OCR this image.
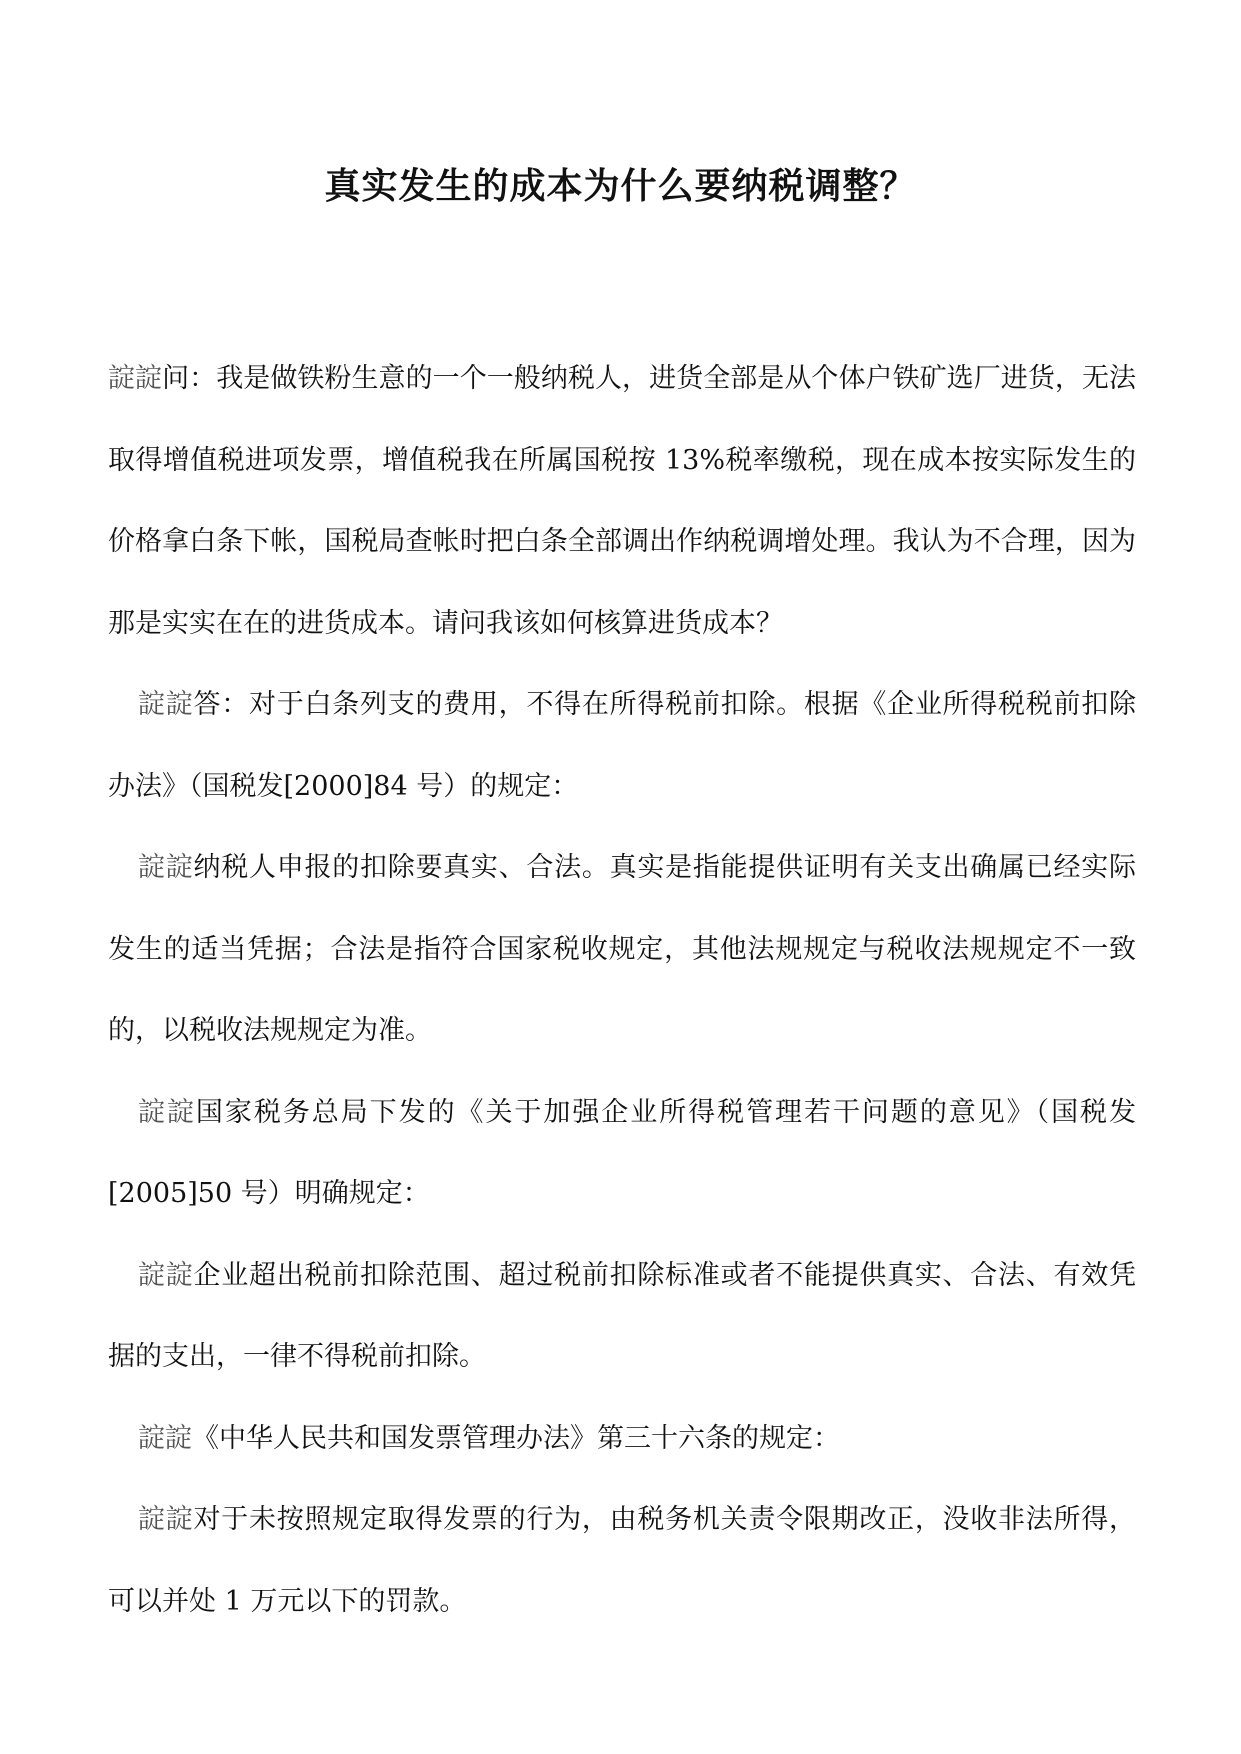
真实发生的成本为什么要纳税调整？

諚諚问：我是做铁粉生意的一个一般纳税人，进货全部是从个体户铁矿选厂进货，无法取得增值税进项发票，增值税我在所属国税按 13%税率缴税，现在成本按实际发生的价格拿白条下帐，国税局查帐时把白条全部调出作纳税调增处理。我认为不合理，因为那是实实在在的进货成本。请问我该如何核算进货成本？

諚諚答：对于白条列支的费用，不得在所得税前扣除。根据《企业所得税税前扣除办法》（国税发[2000]84 号）的规定：

諚諚纳税人申报的扣除要真实、合法。真实是指能提供证明有关支出确属已经实际发生的适当凭据；合法是指符合国家税收规定，其他法规规定与税收法规规定不一致的，以税收法规规定为准。

諚諚国家税务总局下发的《关于加强企业所得税管理若干问题的意见》（国税发[2005]50 号）明确规定：

諚諚企业超出税前扣除范围、超过税前扣除标准或者不能提供真实、合法、有效凭据的支出，一律不得税前扣除。

諚諚《中华人民共和国发票管理办法》第三十六条的规定：

諚諚对于未按照规定取得发票的行为，由税务机关责令限期改正，没收非法所得，可以并处 1 万元以下的罚款。
